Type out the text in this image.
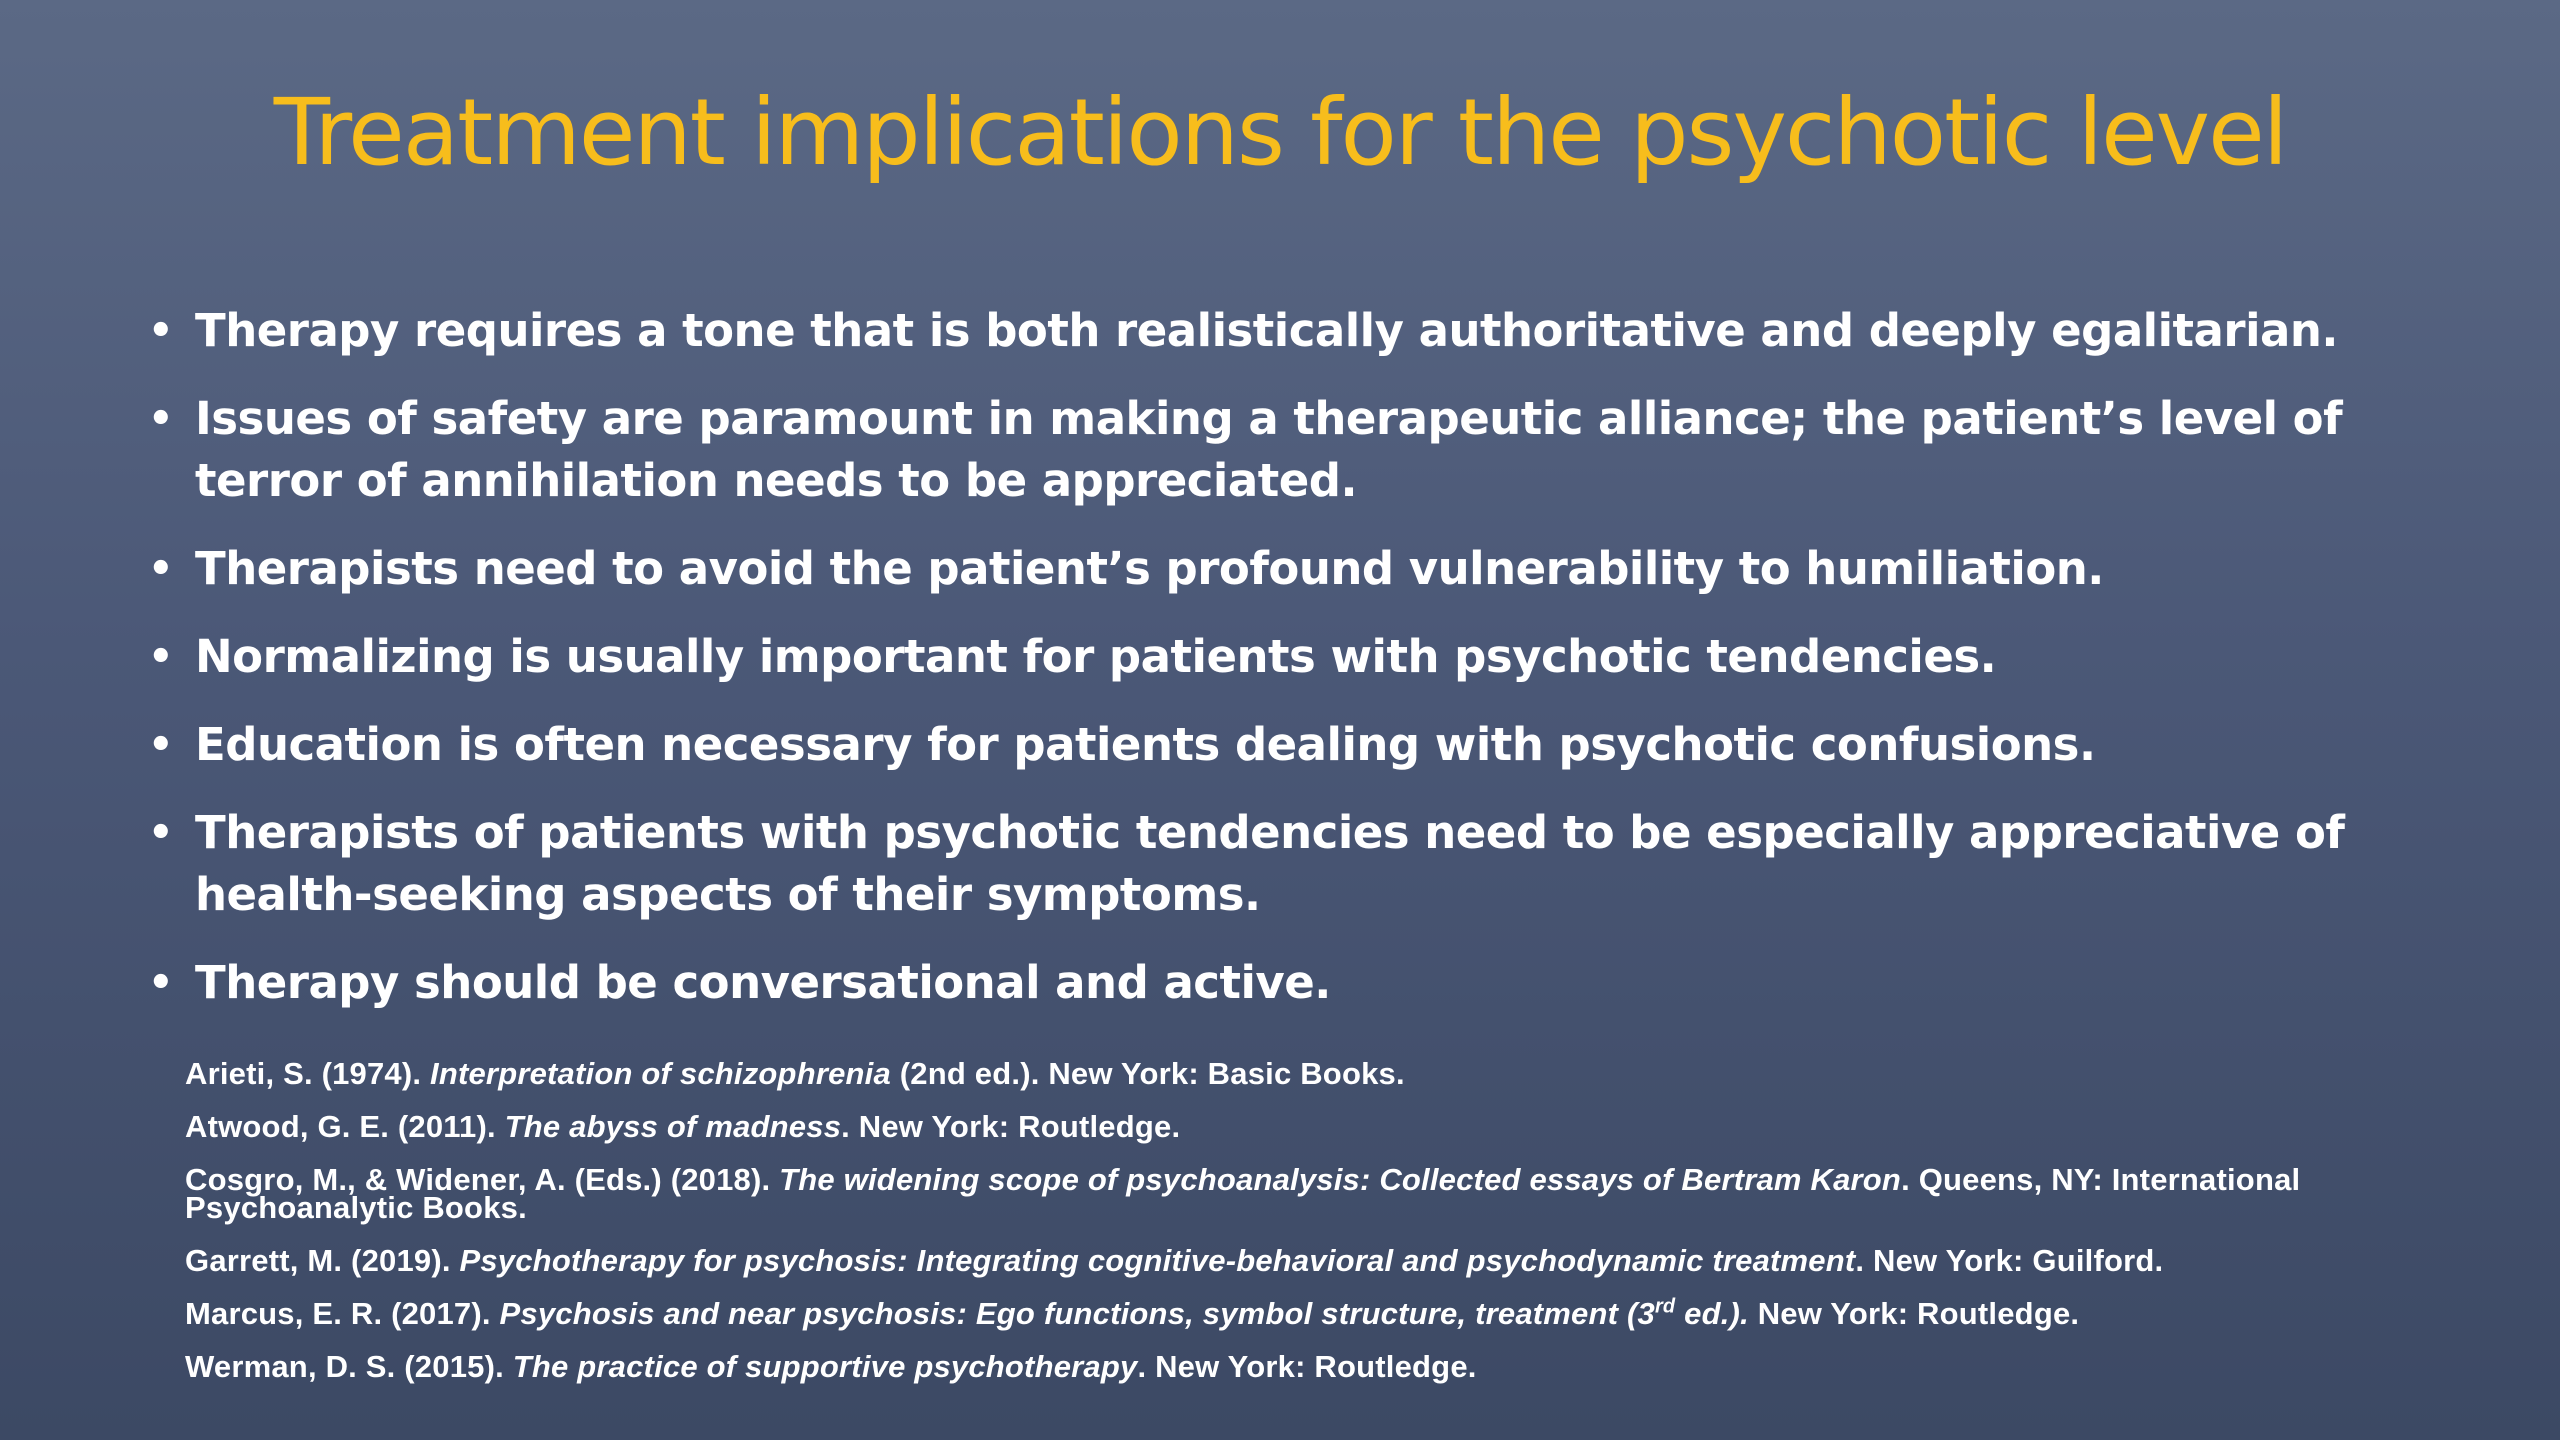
Treatment implications for the psychotic level
• Therapy requires a tone that is both realistically authoritative and deeply egalitarian.
• Issues of safety are paramount in making a therapeutic alliance; the patient’s level of terror of annihilation needs to be appreciated.
• Therapists need to avoid the patient’s profound vulnerability to humiliation.
• Normalizing is usually important for patients with psychotic tendencies.
• Education is often necessary for patients dealing with psychotic confusions.
• Therapists of patients with psychotic tendencies need to be especially appreciative of health-seeking aspects of their symptoms.
• Therapy should be conversational and active.
Arieti, S. (1974). Interpretation of schizophrenia (2nd ed.). New York: Basic Books.
Atwood, G. E. (2011). The abyss of madness. New York: Routledge.
Cosgro, M., & Widener, A. (Eds.) (2018). The widening scope of psychoanalysis: Collected essays of Bertram Karon. Queens, NY: International Psychoanalytic Books.
Garrett, M. (2019). Psychotherapy for psychosis: Integrating cognitive-behavioral and psychodynamic treatment. New York: Guilford.
Marcus, E. R. (2017). Psychosis and near psychosis: Ego functions, symbol structure, treatment (3rd ed.). New York: Routledge.
Werman, D. S. (2015). The practice of supportive psychotherapy. New York: Routledge.
